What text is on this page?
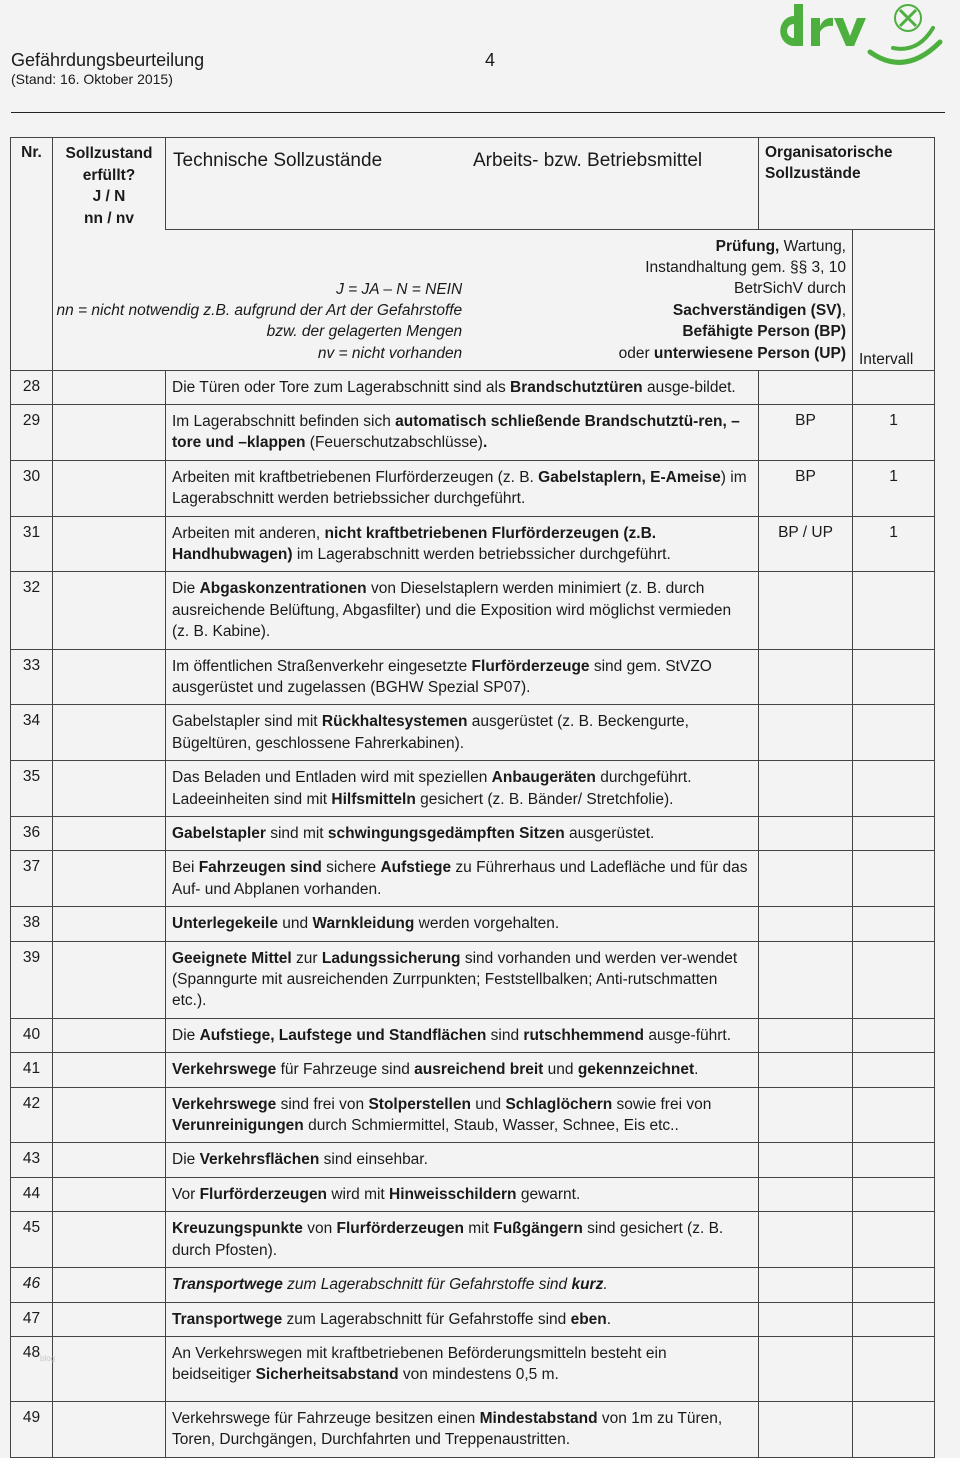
Gefährdungsbeurteilung
(Stand: 16. Oktober 2015)
4
Nr.	Sollzustand
erfüllt?
J / N
nn / nv
	Technische Sollzustände	Arbeits- bzw. Betriebsmittel	Organisatorische
Sollzustände

J = JA – N = NEIN
nn = nicht notwendig z.B. aufgrund der Art der Gefahrstoffe
bzw. der gelagerten Mengen
nv = nicht vorhanden
Prüfung, Wartung,
Instandhaltung gem. §§ 3, 10
BetrSichV durch
Sachverständigen (SV),
Befähigte Person (BP)
oder unterwiesene Person (UP)	Intervall
28		Die Türen oder Tore zum Lagerabschnitt sind als Brandschutztüren ausge-bildet.		
29		Im Lagerabschnitt befinden sich automatisch schließende Brandschutztü-ren, –tore und –klappen (Feuerschutzabschlüsse).	BP	1
30		Arbeiten mit kraftbetriebenen Flurförderzeugen (z. B. Gabelstaplern, E-Ameise) im Lagerabschnitt werden betriebssicher durchgeführt.	BP	1
31		Arbeiten mit anderen, nicht kraftbetriebenen Flurförderzeugen (z.B. Handhubwagen) im Lagerabschnitt werden betriebssicher durchgeführt.	BP / UP	1
32		Die Abgaskonzentrationen von Dieselstaplern werden minimiert (z. B. durch ausreichende Belüftung, Abgasfilter) und die Exposition wird möglichst vermieden (z. B. Kabine).		
33		Im öffentlichen Straßenverkehr eingesetzte Flurförderzeuge sind gem. StVZO ausgerüstet und zugelassen (BGHW Spezial SP07).		
34		Gabelstapler sind mit Rückhaltesystemen ausgerüstet (z. B. Beckengurte, Bügeltüren, geschlossene Fahrerkabinen).		
35		Das Beladen und Entladen wird mit speziellen Anbaugeräten durchgeführt. Ladeeinheiten sind mit Hilfsmitteln gesichert (z. B. Bänder/ Stretchfolie).		
36		Gabelstapler sind mit schwingungsgedämpften Sitzen ausgerüstet.		
37		Bei Fahrzeugen sind sichere Aufstiege zu Führerhaus und Ladefläche und für das Auf- und Abplanen vorhanden.		
38		Unterlegekeile und Warnkleidung werden vorgehalten.		
39		Geeignete Mittel zur Ladungssicherung sind vorhanden und werden ver-wendet (Spanngurte mit ausreichenden Zurrpunkten; Feststellbalken; Anti-rutschmatten etc.).		
40		Die Aufstiege, Laufstege und Standflächen sind rutschhemmend ausge-führt.		
41		Verkehrswege für Fahrzeuge sind ausreichend breit und gekennzeichnet.		
42		Verkehrswege sind frei von Stolperstellen und Schlaglöchern sowie frei von Verunreinigungen durch Schmiermittel, Staub, Wasser, Schnee, Eis etc..		
43		Die Verkehrsflächen sind einsehbar.		
44		Vor Flurförderzeugen wird mit Hinweisschildern gewarnt.		
45		Kreuzungspunkte von Flurförderzeugen mit Fußgängern sind gesichert (z. B. durch Pfosten).		
46		Transportwege zum Lagerabschnitt für Gefahrstoffe sind kurz.		
47		Transportwege zum Lagerabschnitt für Gefahrstoffe sind eben.		
48		An Verkehrswegen mit kraftbetriebenen Beförderungsmitteln besteht ein beidseitiger Sicherheitsabstand von mindestens 0,5 m.		
49		Verkehrswege für Fahrzeuge besitzen einen Mindestabstand von 1m zu Türen, Toren, Durchgängen, Durchfahrten und Treppenaustritten.		
blog
